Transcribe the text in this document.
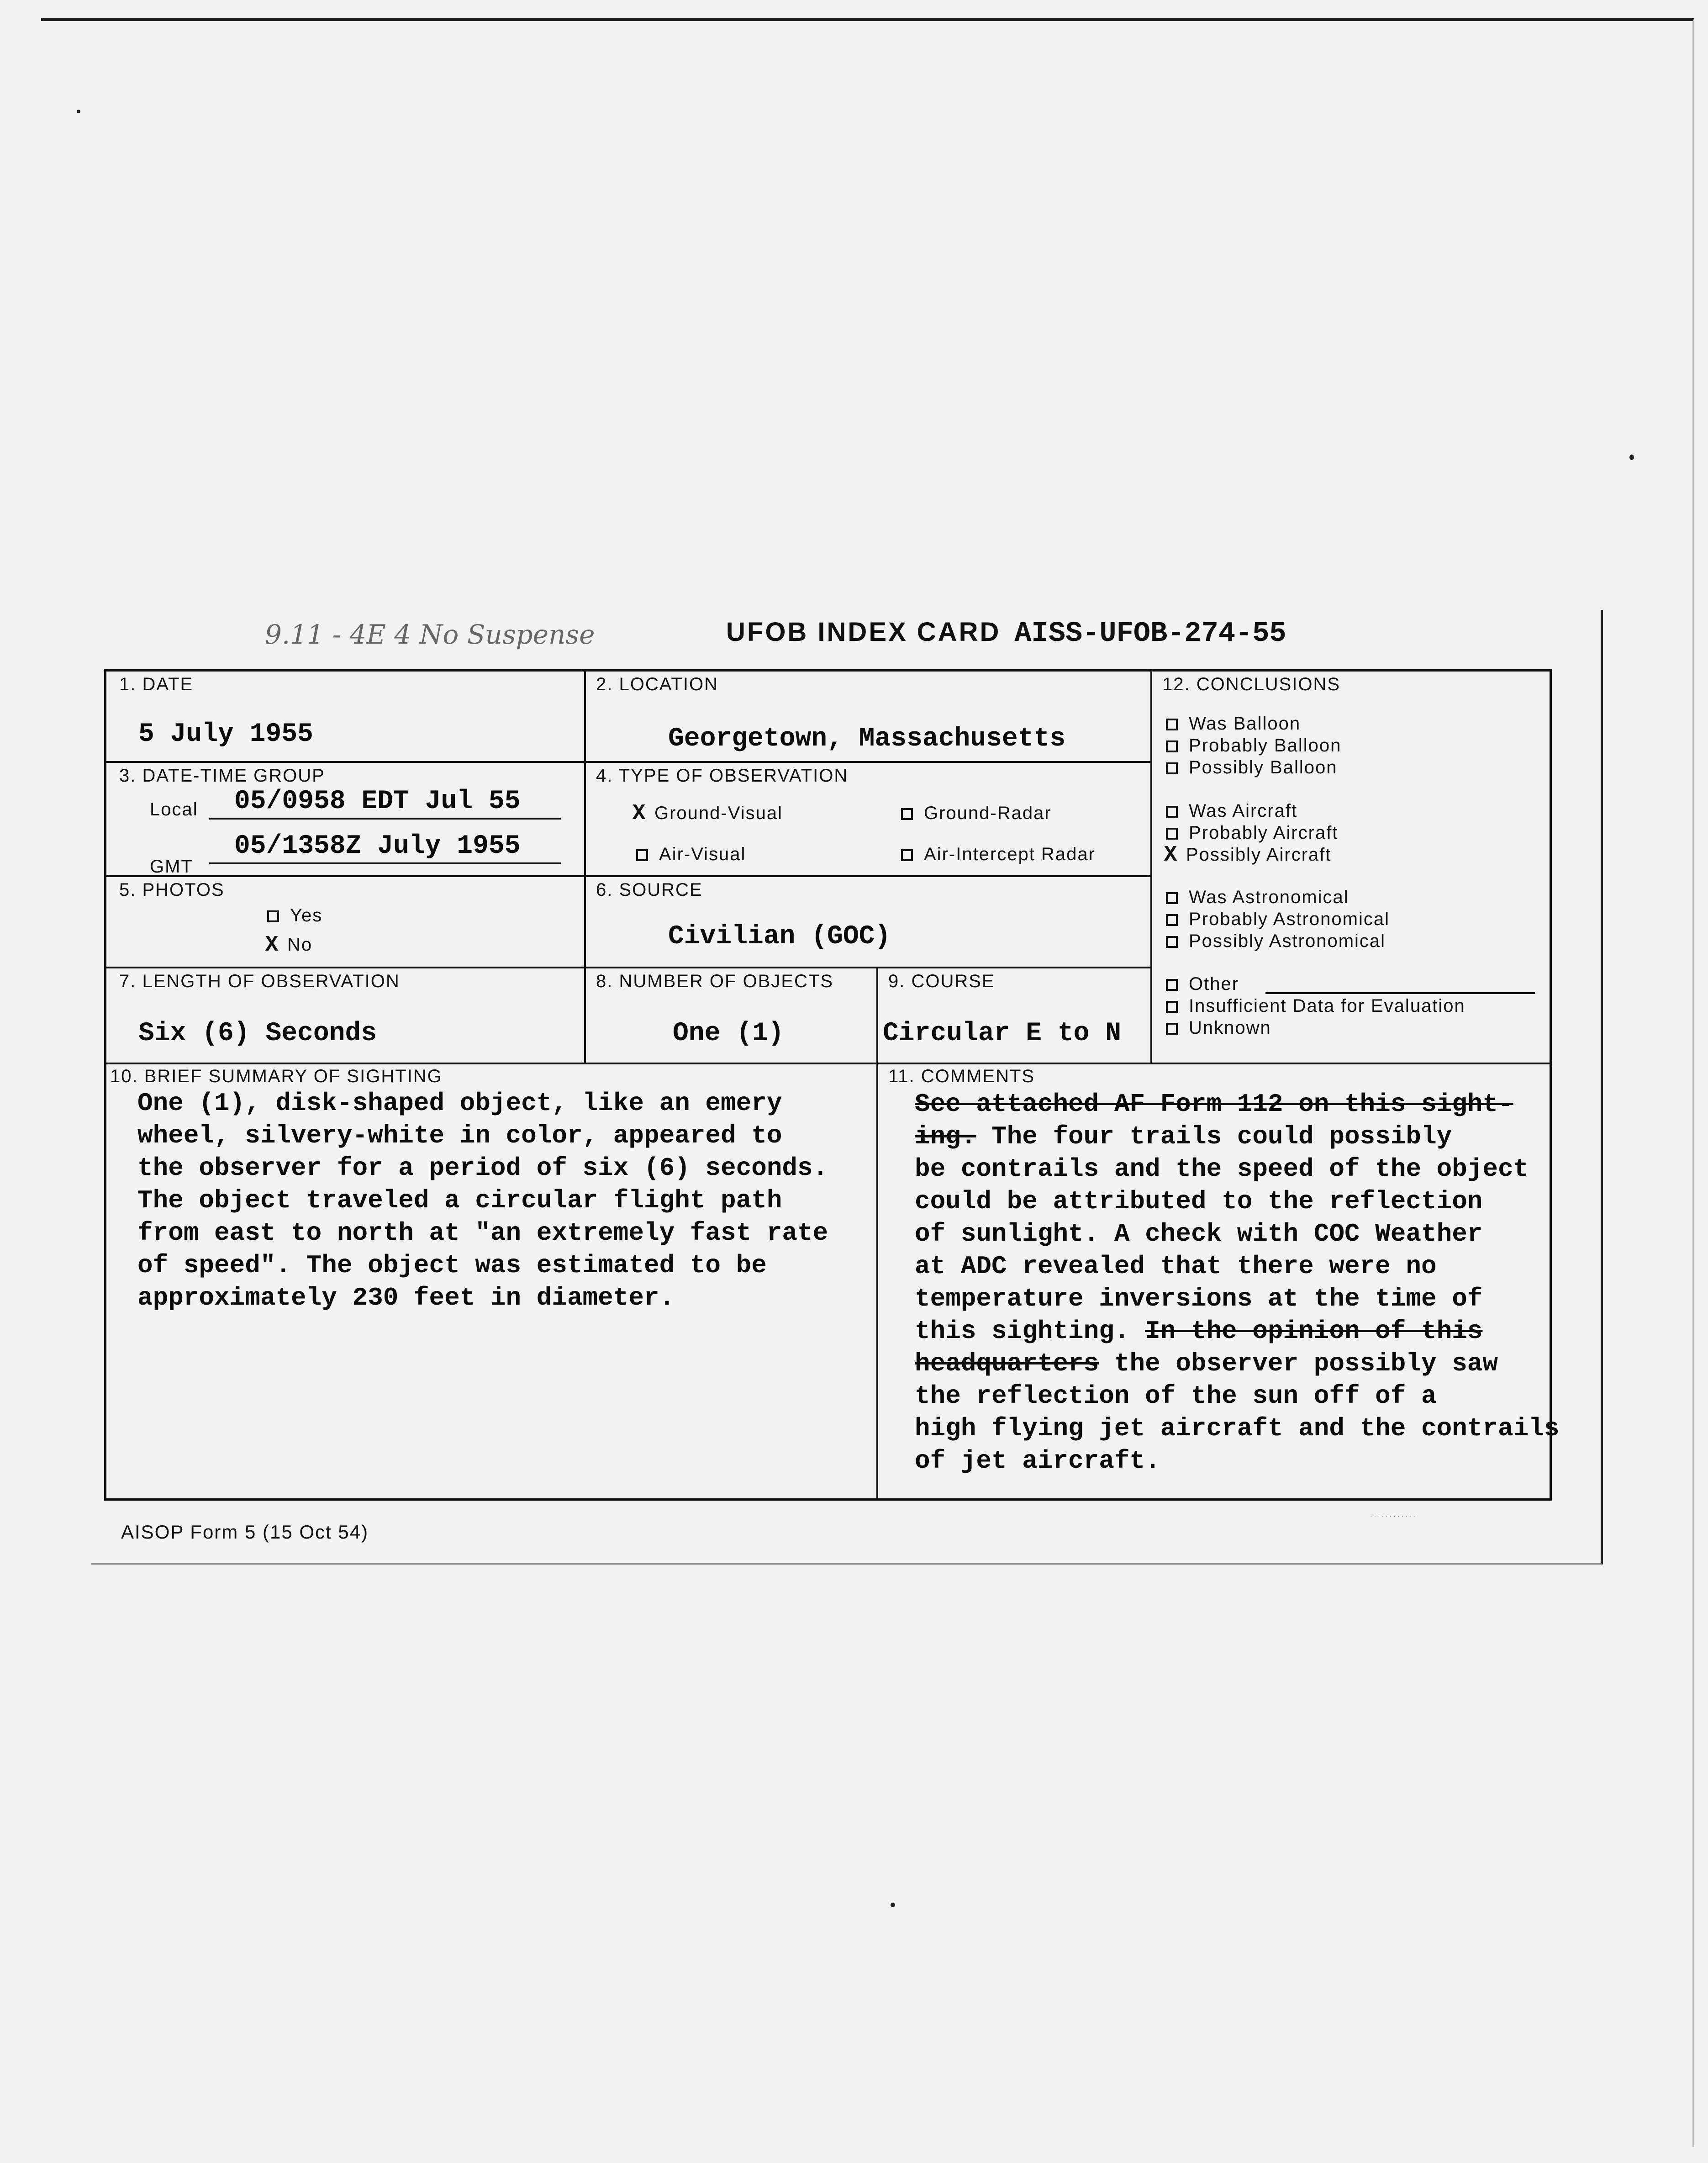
9.11 - 4E 4 No Suspense	UFOB INDEX CARD AISS-UFOB-274-55
1. DATE
5 July 1955
2. LOCATION
Georgetown, Massachusetts
3. DATE-TIME GROUP
Local 05/0958 EDT Jul 55
GMT
05/1358Z July 1955
4. TYPE OF OBSERVATION
X Ground-Visual	Ground-Radar
Air-Visual	Air-Intercept Radar
5. PHOTOS
Yes
X No
6. SOURCE
Civilian (GOC)
7. LENGTH OF OBSERVATION
Six (6) Seconds
8. NUMBER OF OBJECTS
One (1)
9. COURSE
Circular E to N
12. CONCLUSIONS
Was Balloon
Probably Balloon
Possibly Balloon
Was Aircraft
Probably Aircraft
X Possibly Aircraft
Was Astronomical
Probably Astronomical
Possibly Astronomical
Other
Insufficient Data for Evaluation
Unknown
10. BRIEF SUMMARY OF SIGHTING
One (1), disk-shaped object, like an emery
wheel, silvery-white in color, appeared to
the observer for a period of six (6) seconds.
The object traveled a circular flight path
from east to north at "an extremely fast rate
of speed". The object was estimated to be
approximately 230 feet in diameter.
11. COMMENTS
See attached AF Form 112 on this sight-
ing. The four trails could possibly
be contrails and the speed of the object
could be attributed to the reflection
of sunlight. A check with COC Weather
at ADC revealed that there were no
temperature inversions at the time of
this sighting. In the opinion of this
headquarters the observer possibly saw
the reflection of the sun off of a
high flying jet aircraft and the contrails
of jet aircraft.
AISOP Form 5 (15 Oct 54)
· · · · · · · · · · · ·
